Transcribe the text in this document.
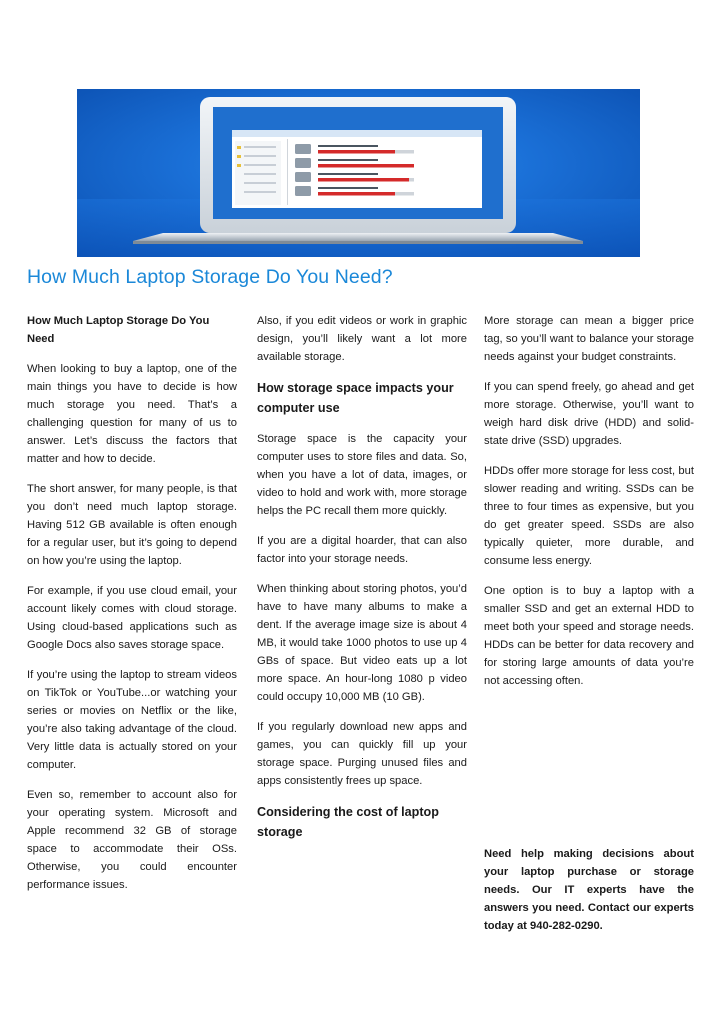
How Much Laptop Storage Do You Need?
How Much Laptop Storage Do You Need

When looking to buy a laptop, one of the main things you have to decide is how much storage you need. That’s a challenging question for many of us to answer. Let’s discuss the factors that matter and how to decide.

The short answer, for many people, is that you don’t need much laptop storage. Having 512 GB available is often enough for a regular user, but it’s going to depend on how you’re using the laptop.

For example, if you use cloud email, your account likely comes with cloud storage. Using cloud-based applications such as Google Docs also saves storage space.

If you’re using the laptop to stream videos on TikTok or YouTube...or watching your series or movies on Netflix or the like, you’re also taking advantage of the cloud. Very little data is actually stored on your computer.

Even so, remember to account also for your operating system. Microsoft and Apple recommend 32 GB of storage space to accommodate their OSs. Otherwise, you could encounter performance issues.

Also, if you edit videos or work in graphic design, you’ll likely want a lot more available storage.

How storage space impacts your computer use

Storage space is the capacity your computer uses to store files and data. So, when you have a lot of data, images, or video to hold and work with, more storage helps the PC recall them more quickly.

If you are a digital hoarder, that can also factor into your storage needs.

When thinking about storing photos, you’d have to have many albums to make a dent. If the average image size is about 4 MB, it would take 1000 photos to use up 4 GBs of space. But video eats up a lot more space. An hour-long 1080 p video could occupy 10,000 MB (10 GB).

If you regularly download new apps and games, you can quickly fill up your storage space. Purging unused files and apps consistently frees up space.

Considering the cost of laptop storage

More storage can mean a bigger price tag, so you’ll want to balance your storage needs against your budget constraints.

If you can spend freely, go ahead and get more storage. Otherwise, you’ll want to weigh hard disk drive (HDD) and solid-state drive (SSD) upgrades.

HDDs offer more storage for less cost, but slower reading and writing. SSDs can be three to four times as expensive, but you do get greater speed. SSDs are also typically quieter, more durable, and consume less energy.

One option is to buy a laptop with a smaller SSD and get an external HDD to meet both your speed and storage needs. HDDs can be better for data recovery and for storing large amounts of data you’re not accessing often.

Need help making decisions about your laptop purchase or storage needs. Our IT experts have the answers you need. Contact our experts today at 940-282-0290.
